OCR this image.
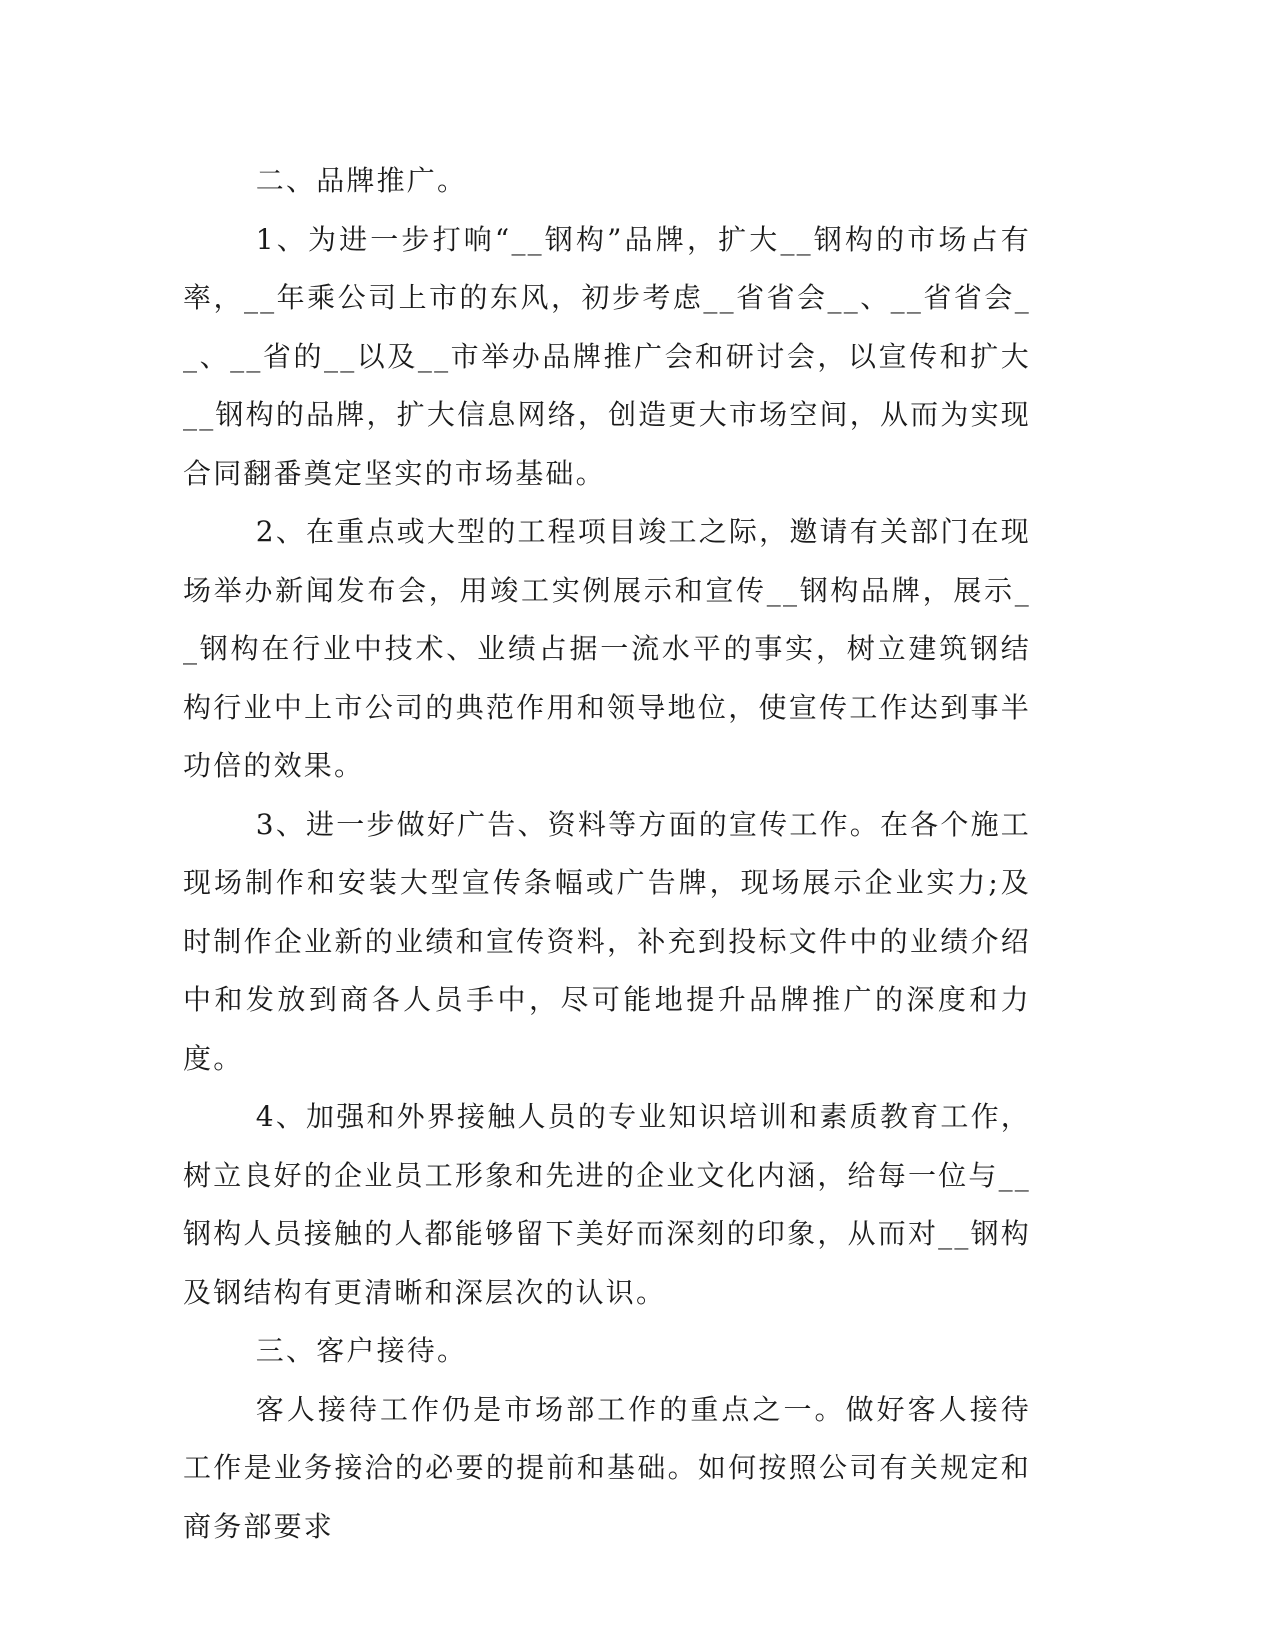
二、品牌推广。

1、为进一步打响“__钢构”品牌，扩大__钢构的市场占有率，__年乘公司上市的东风，初步考虑__省省会__、__省省会__、__省的__以及__市举办品牌推广会和研讨会，以宣传和扩大__钢构的品牌，扩大信息网络，创造更大市场空间，从而为实现合同翻番奠定坚实的市场基础。

2、在重点或大型的工程项目竣工之际，邀请有关部门在现场举办新闻发布会，用竣工实例展示和宣传__钢构品牌，展示__钢构在行业中技术、业绩占据一流水平的事实，树立建筑钢结构行业中上市公司的典范作用和领导地位，使宣传工作达到事半功倍的效果。

3、进一步做好广告、资料等方面的宣传工作。在各个施工现场制作和安装大型宣传条幅或广告牌，现场展示企业实力;及时制作企业新的业绩和宣传资料，补充到投标文件中的业绩介绍中和发放到商各人员手中，尽可能地提升品牌推广的深度和力度。

4、加强和外界接触人员的专业知识培训和素质教育工作，树立良好的企业员工形象和先进的企业文化内涵，给每一位与__钢构人员接触的人都能够留下美好而深刻的印象，从而对__钢构及钢结构有更清晰和深层次的认识。

三、客户接待。

客人接待工作仍是市场部工作的重点之一。做好客人接待工作是业务接洽的必要的提前和基础。如何按照公司有关规定和商务部要求
